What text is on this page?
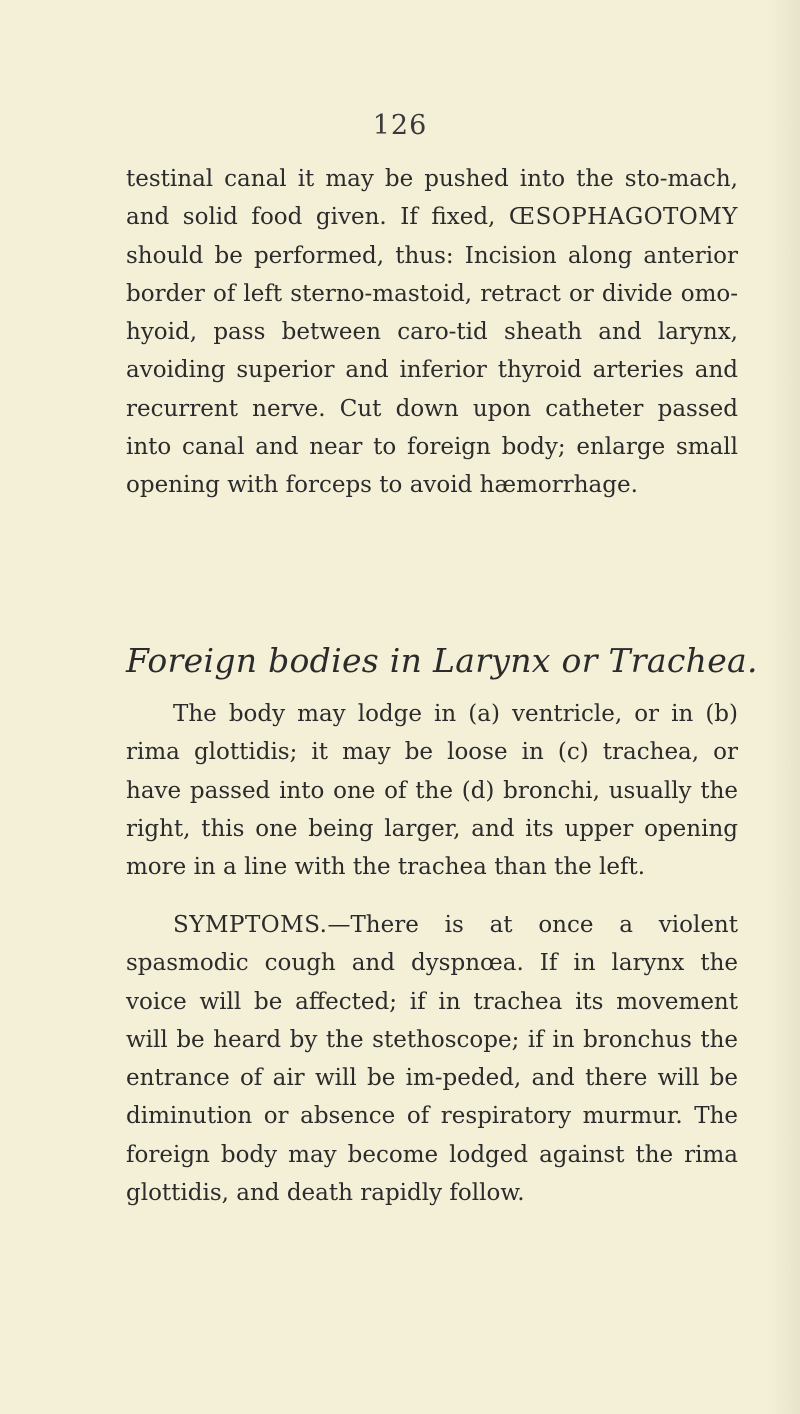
126

testinal canal it may be pushed into the sto-mach, and solid food given. If fixed, ŒSOPHAGOTOMY should be performed, thus: Incision along anterior border of left sterno-mastoid, retract or divide omo-hyoid, pass between caro-tid sheath and larynx, avoiding superior and inferior thyroid arteries and recurrent nerve. Cut down upon catheter passed into canal and near to foreign body; enlarge small opening with forceps to avoid hæmorrhage.

Foreign bodies in Larynx or Trachea.

The body may lodge in (a) ventricle, or in (b) rima glottidis; it may be loose in (c) trachea, or have passed into one of the (d) bronchi, usually the right, this one being larger, and its upper opening more in a line with the trachea than the left.

SYMPTOMS.—There is at once a violent spasmodic cough and dyspnœa. If in larynx the voice will be affected; if in trachea its movement will be heard by the stethoscope; if in bronchus the entrance of air will be im-peded, and there will be diminution or absence of respiratory murmur. The foreign body may become lodged against the rima glottidis, and death rapidly follow.
